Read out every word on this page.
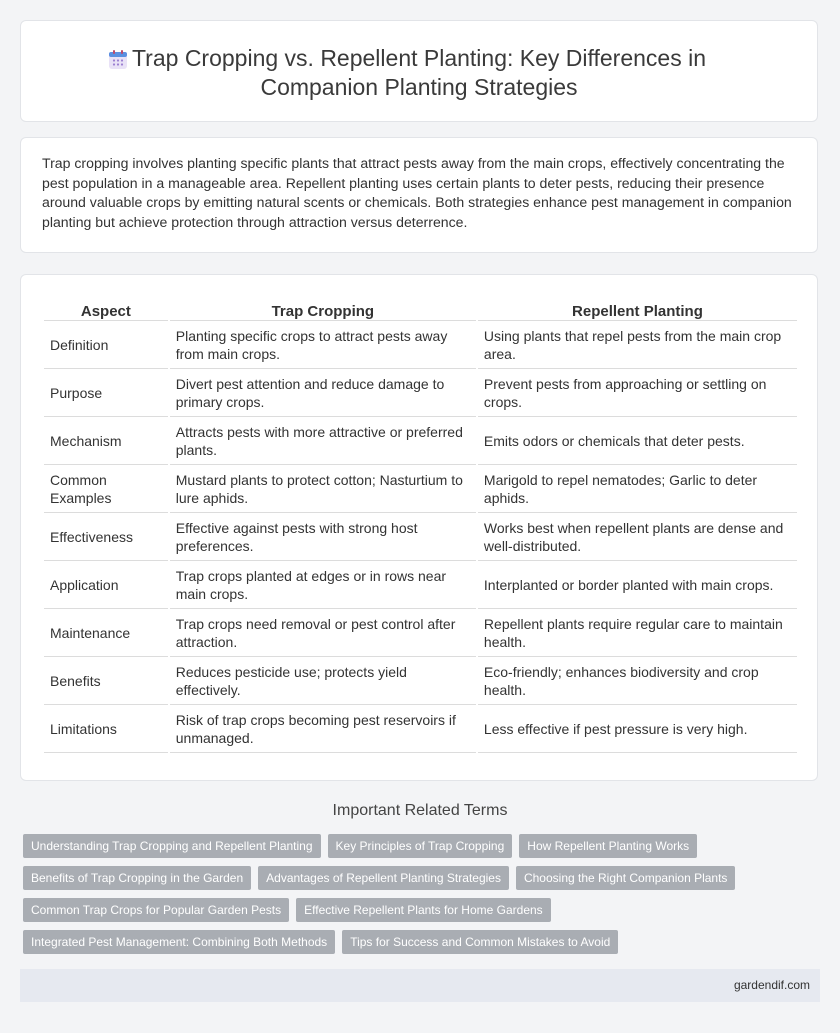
Trap Cropping vs. Repellent Planting: Key Differences in Companion Planting Strategies
Trap cropping involves planting specific plants that attract pests away from the main crops, effectively concentrating the pest population in a manageable area. Repellent planting uses certain plants to deter pests, reducing their presence around valuable crops by emitting natural scents or chemicals. Both strategies enhance pest management in companion planting but achieve protection through attraction versus deterrence.
Aspect	Trap Cropping	Repellent Planting
Definition	Planting specific crops to attract pests away from main crops.	Using plants that repel pests from the main crop area.
Purpose	Divert pest attention and reduce damage to primary crops.	Prevent pests from approaching or settling on crops.
Mechanism	Attracts pests with more attractive or preferred plants.	Emits odors or chemicals that deter pests.
Common Examples	Mustard plants to protect cotton; Nasturtium to lure aphids.	Marigold to repel nematodes; Garlic to deter aphids.
Effectiveness	Effective against pests with strong host preferences.	Works best when repellent plants are dense and well-distributed.
Application	Trap crops planted at edges or in rows near main crops.	Interplanted or border planted with main crops.
Maintenance	Trap crops need removal or pest control after attraction.	Repellent plants require regular care to maintain health.
Benefits	Reduces pesticide use; protects yield effectively.	Eco-friendly; enhances biodiversity and crop health.
Limitations	Risk of trap crops becoming pest reservoirs if unmanaged.	Less effective if pest pressure is very high.
Important Related Terms
Understanding Trap Cropping and Repellent Planting	Key Principles of Trap Cropping	How Repellent Planting Works
Benefits of Trap Cropping in the Garden	Advantages of Repellent Planting Strategies	Choosing the Right Companion Plants
Common Trap Crops for Popular Garden Pests	Effective Repellent Plants for Home Gardens
Integrated Pest Management: Combining Both Methods	Tips for Success and Common Mistakes to Avoid
gardendif.com
